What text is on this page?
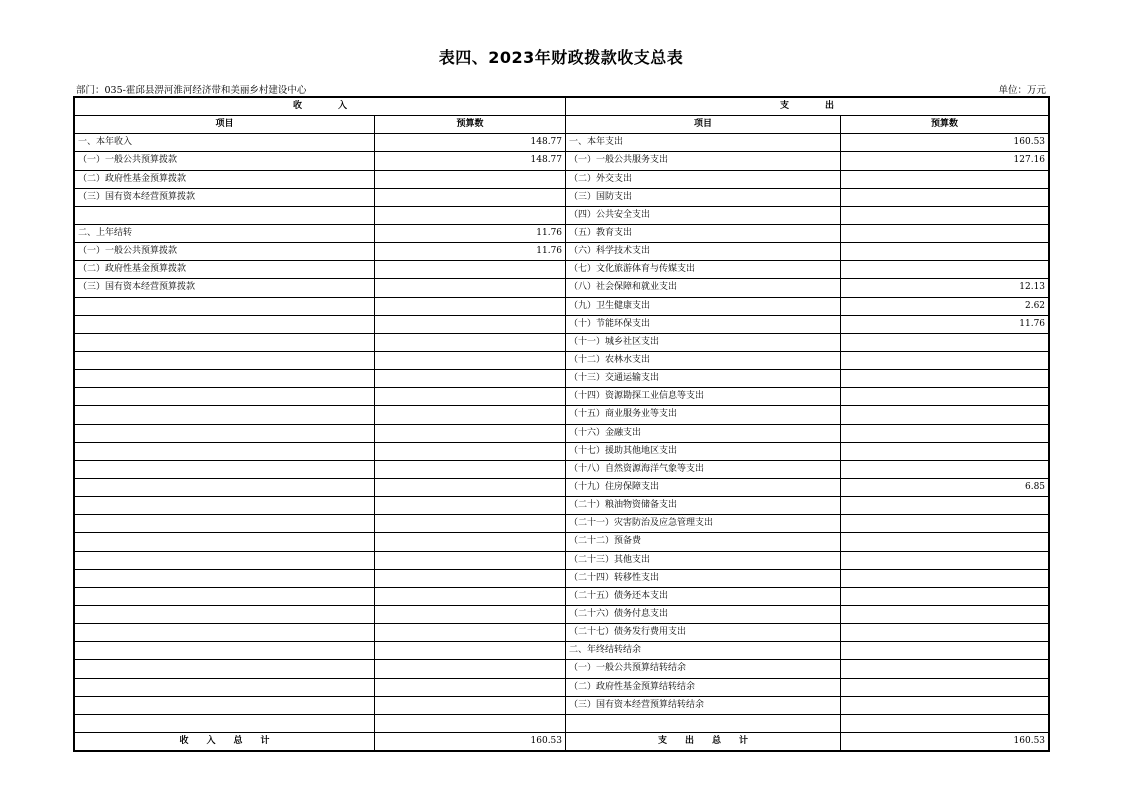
表四、2023年财政拨款收支总表
部门：035-霍邱县淠河淮河经济带和美丽乡村建设中心	单位：万元
收　　　　入		支　　　　出	
项目	预算数	项目	预算数
一、本年收入	148.77	一、本年支出	160.53
（一）一般公共预算拨款	148.77	（一）一般公共服务支出	127.16
（二）政府性基金预算拨款		（二）外交支出	
（三）国有资本经营预算拨款		（三）国防支出	
		（四）公共安全支出	
二、上年结转	11.76	（五）教育支出	
（一）一般公共预算拨款	11.76	（六）科学技术支出	
（二）政府性基金预算拨款		（七）文化旅游体育与传媒支出	
（三）国有资本经营预算拨款		（八）社会保障和就业支出	12.13
		（九）卫生健康支出	2.62
		（十）节能环保支出	11.76
		（十一）城乡社区支出	
		（十二）农林水支出	
		（十三）交通运输支出	
		（十四）资源勘探工业信息等支出	
		（十五）商业服务业等支出	
		（十六）金融支出	
		（十七）援助其他地区支出	
		（十八）自然资源海洋气象等支出	
		（十九）住房保障支出	6.85
		（二十）粮油物资储备支出	
		（二十一）灾害防治及应急管理支出	
		（二十二）预备费	
		（二十三）其他支出	
		（二十四）转移性支出	
		（二十五）债务还本支出	
		（二十六）债务付息支出	
		（二十七）债务发行费用支出	
		二、年终结转结余	
		（一）一般公共预算结转结余	
		（二）政府性基金预算结转结余	
		（三）国有资本经营预算结转结余	

收　　入　　总　　计	160.53	支　　出　　总　　计	160.53
